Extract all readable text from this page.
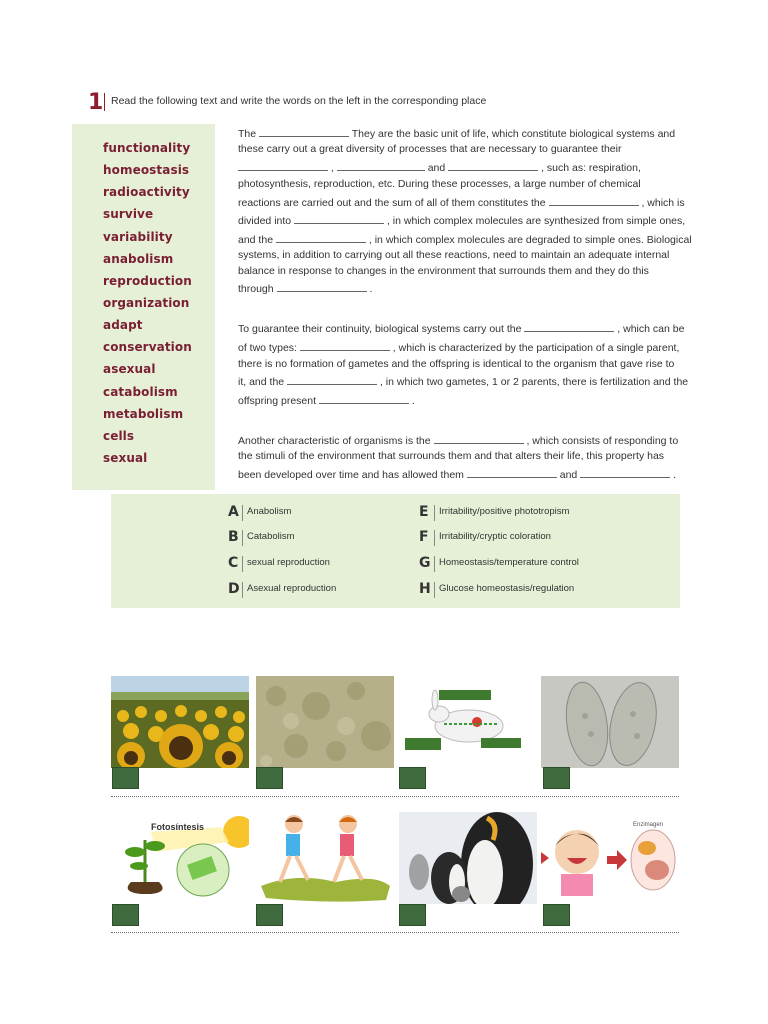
1 Read the following text and write the words on the left in the corresponding place
functionality
homeostasis
radioactivity
survive
variability
anabolism
reproduction
organization
adapt
conservation
asexual
catabolism
metabolism
cells
sexual
The	They are the basic unit of life, which constitute biological systems and
these carry out a great diversity of processes that are necessary to guarantee their
,	and	, such as: respiration,
photosynthesis, reproduction, etc. During these processes, a large number of chemical
reactions are carried out and the sum of all of them constitutes the	, which is
divided into	, in which complex molecules are synthesized from simple ones,
and the	, in which complex molecules are degraded to simple ones. Biological
systems, in addition to carrying out all these reactions, need to maintain an adequate internal
balance in response to changes in the environment that surrounds them and they do this
through	.
To guarantee their continuity, biological systems carry out the	, which can be
of two types:	, which is characterized by the participation of a single parent,
there is no formation of gametes and the offspring is identical to the organism that gave rise to
it, and the	, in which two gametes, 1 or 2 parents, there is fertilization and the
offspring present	.
Another characteristic of organisms is the	, which consists of responding to
the stimuli of the environment that surrounds them and that alters their life, this property has
been developed over time and has allowed them	and	.
A Anabolism
B Catabolism
C sexual reproduction
D Asexual reproduction
E Irritability/positive phototropism
F Irritability/cryptic coloration
G Homeostasis/temperature control
H Glucose homeostasis/regulation
Fotosíntesis	Enzimagen
